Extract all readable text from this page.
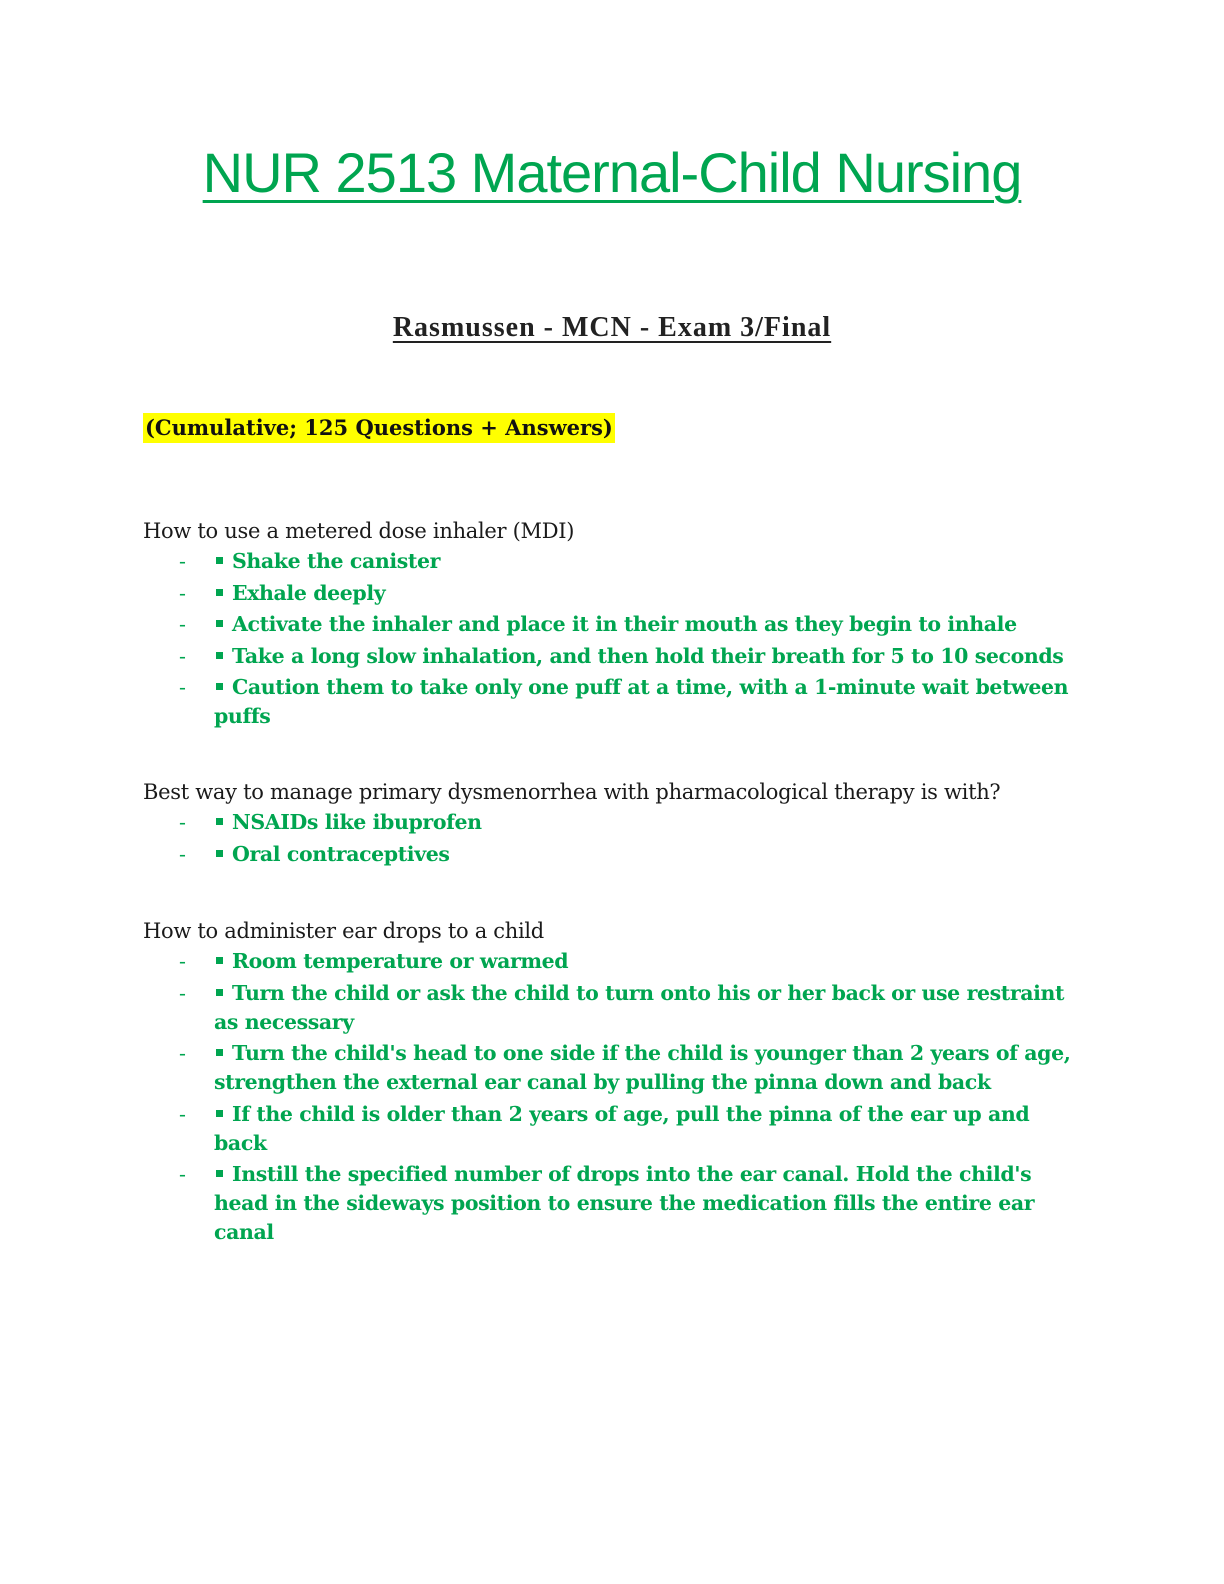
NUR 2513 Maternal-Child Nursing
Rasmussen - MCN - Exam 3/Final
(Cumulative; 125 Questions + Answers)

How to use a metered dose inhaler (MDI)

- Shake the canister
- Exhale deeply
- Activate the inhaler and place it in their mouth as they begin to inhale
- Take a long slow inhalation, and then hold their breath for 5 to 10 seconds
- Caution them to take only one puff at a time, with a 1-minute wait between puffs

Best way to manage primary dysmenorrhea with pharmacological therapy is with?

- NSAIDs like ibuprofen
- Oral contraceptives

How to administer ear drops to a child

- Room temperature or warmed
- Turn the child or ask the child to turn onto his or her back or use restraint as necessary
- Turn the child's head to one side if the child is younger than 2 years of age, strengthen the external ear canal by pulling the pinna down and back
- If the child is older than 2 years of age, pull the pinna of the ear up and back
- Instill the specified number of drops into the ear canal. Hold the child's head in the sideways position to ensure the medication fills the entire ear canal
